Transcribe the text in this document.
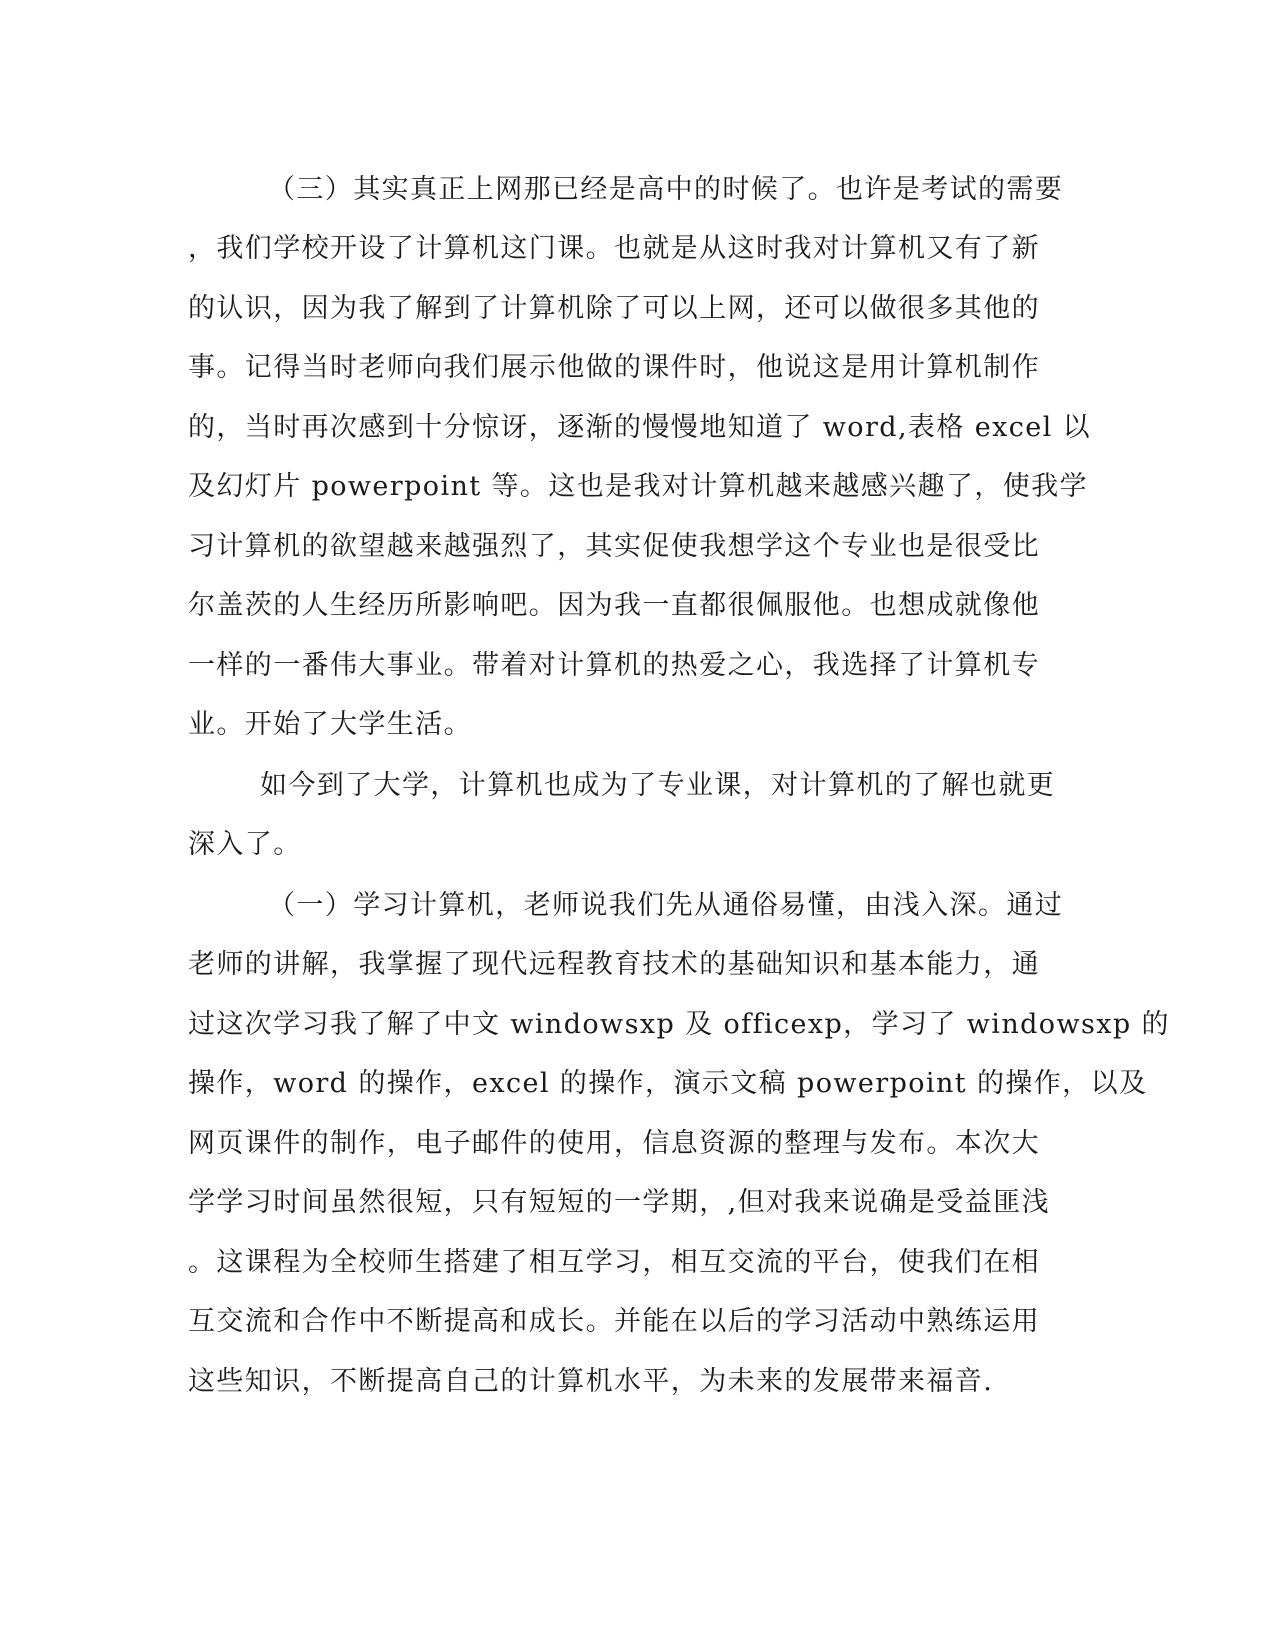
（三）其实真正上网那已经是高中的时候了。也许是考试的需要

，我们学校开设了计算机这门课。也就是从这时我对计算机又有了新

的认识，因为我了解到了计算机除了可以上网，还可以做很多其他的

事。记得当时老师向我们展示他做的课件时，他说这是用计算机制作

的，当时再次感到十分惊讶，逐渐的慢慢地知道了 word,表格 excel 以

及幻灯片 powerpoint 等。这也是我对计算机越来越感兴趣了，使我学

习计算机的欲望越来越强烈了，其实促使我想学这个专业也是很受比

尔盖茨的人生经历所影响吧。因为我一直都很佩服他。也想成就像他

一样的一番伟大事业。带着对计算机的热爱之心，我选择了计算机专

业。开始了大学生活。

如今到了大学，计算机也成为了专业课，对计算机的了解也就更

深入了。

（一）学习计算机，老师说我们先从通俗易懂，由浅入深。通过

老师的讲解，我掌握了现代远程教育技术的基础知识和基本能力，通

过这次学习我了解了中文 windowsxp 及 officexp，学习了 windowsxp 的

操作，word 的操作，excel 的操作，演示文稿 powerpoint 的操作，以及

网页课件的制作，电子邮件的使用，信息资源的整理与发布。本次大

学学习时间虽然很短，只有短短的一学期，,但对我来说确是受益匪浅

。这课程为全校师生搭建了相互学习，相互交流的平台，使我们在相

互交流和合作中不断提高和成长。并能在以后的学习活动中熟练运用

这些知识，不断提高自己的计算机水平，为未来的发展带来福音.
